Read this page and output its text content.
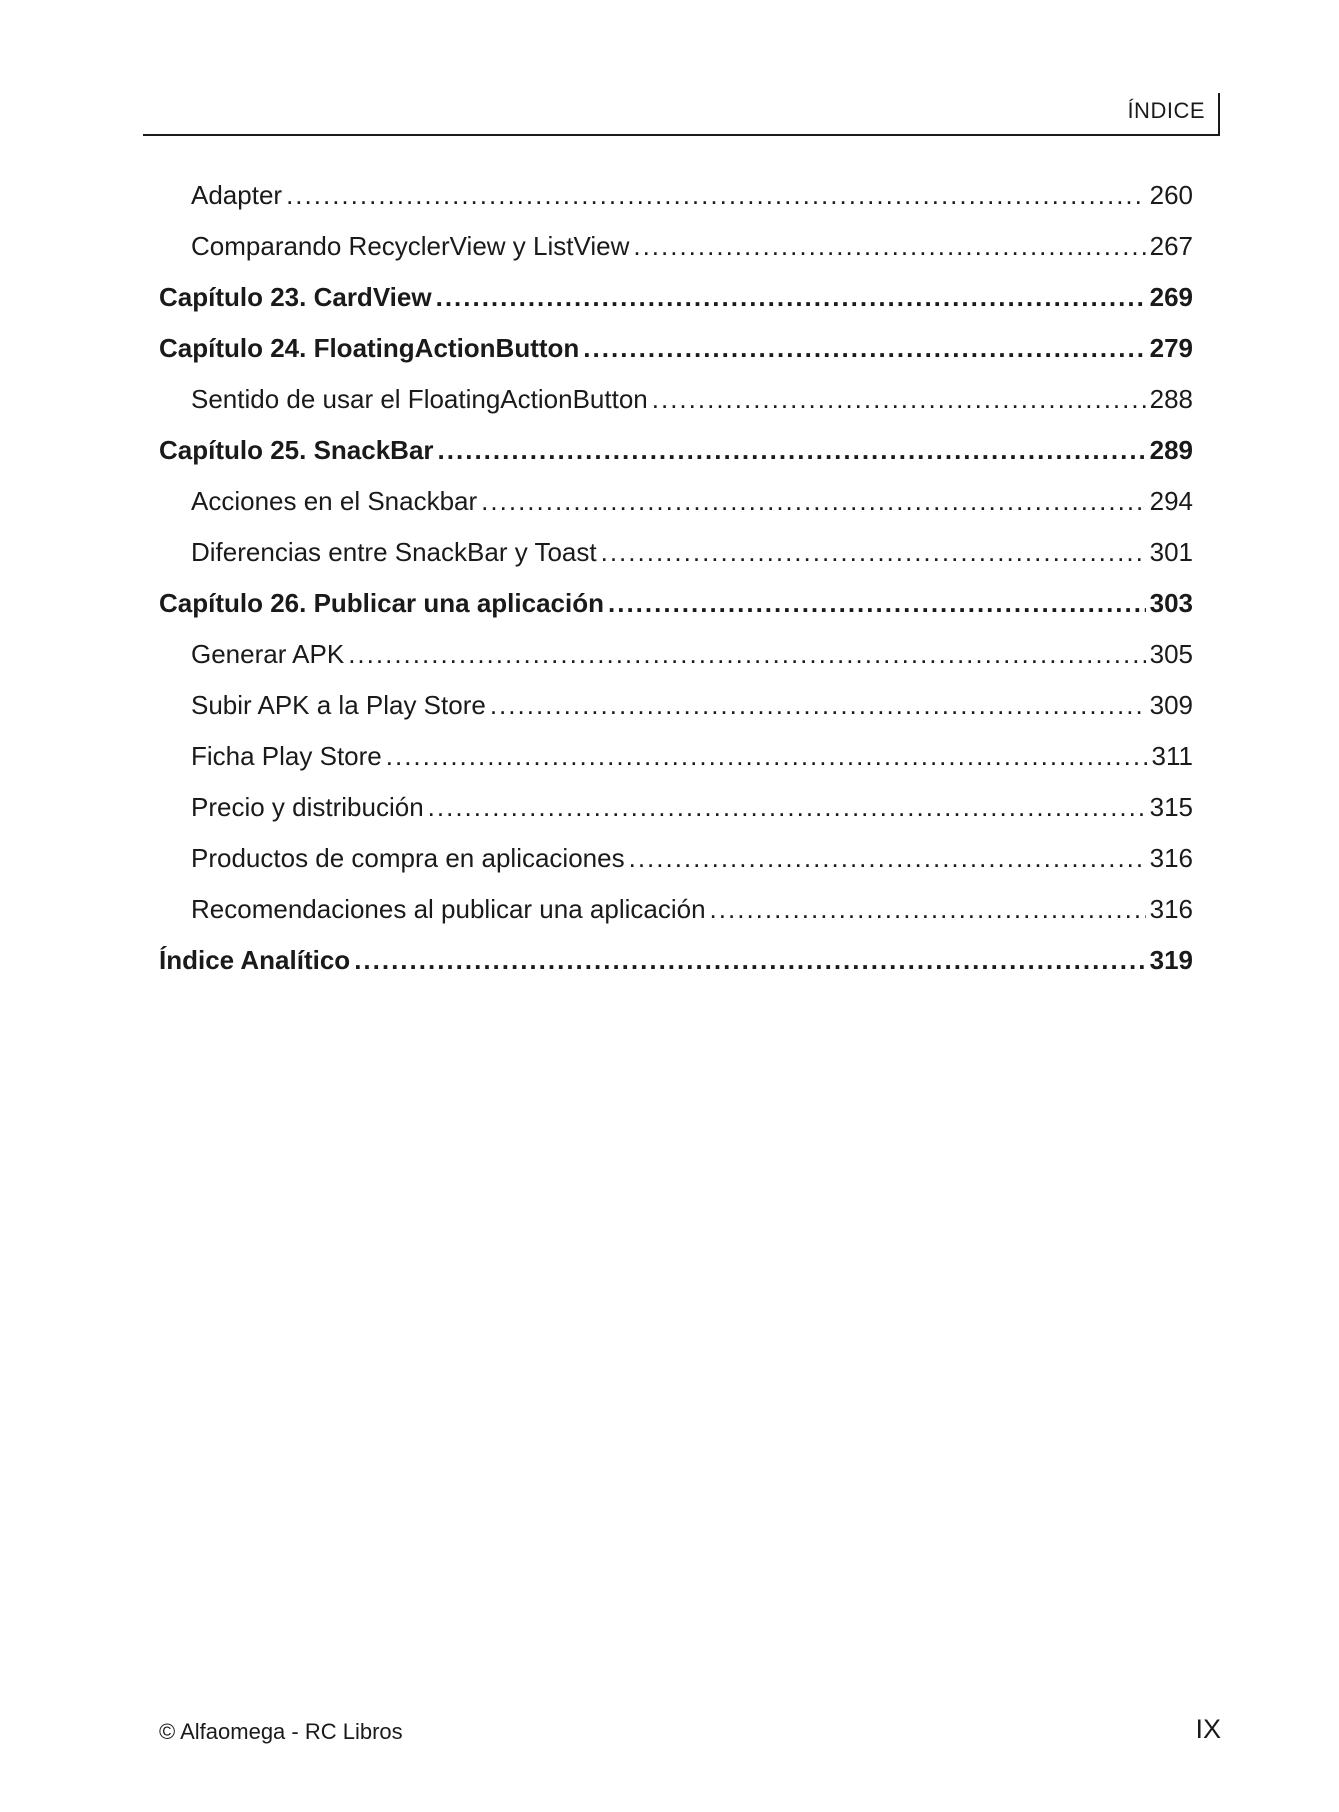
ÍNDICE
Adapter .....	260
Comparando RecyclerView y ListView .....	267
Capítulo 23. CardView .....	269
Capítulo 24. FloatingActionButton .....	279
Sentido de usar el FloatingActionButton .....	288
Capítulo 25. SnackBar .....	289
Acciones en el Snackbar .....	294
Diferencias entre SnackBar y Toast .....	301
Capítulo 26. Publicar una aplicación .....	303
Generar APK .....	305
Subir APK a la Play Store .....	309
Ficha Play Store .....	311
Precio y distribución .....	315
Productos de compra en aplicaciones .....	316
Recomendaciones al publicar una aplicación .....	316
Índice Analítico .....	319
© Alfaomega - RC Libros	IX
